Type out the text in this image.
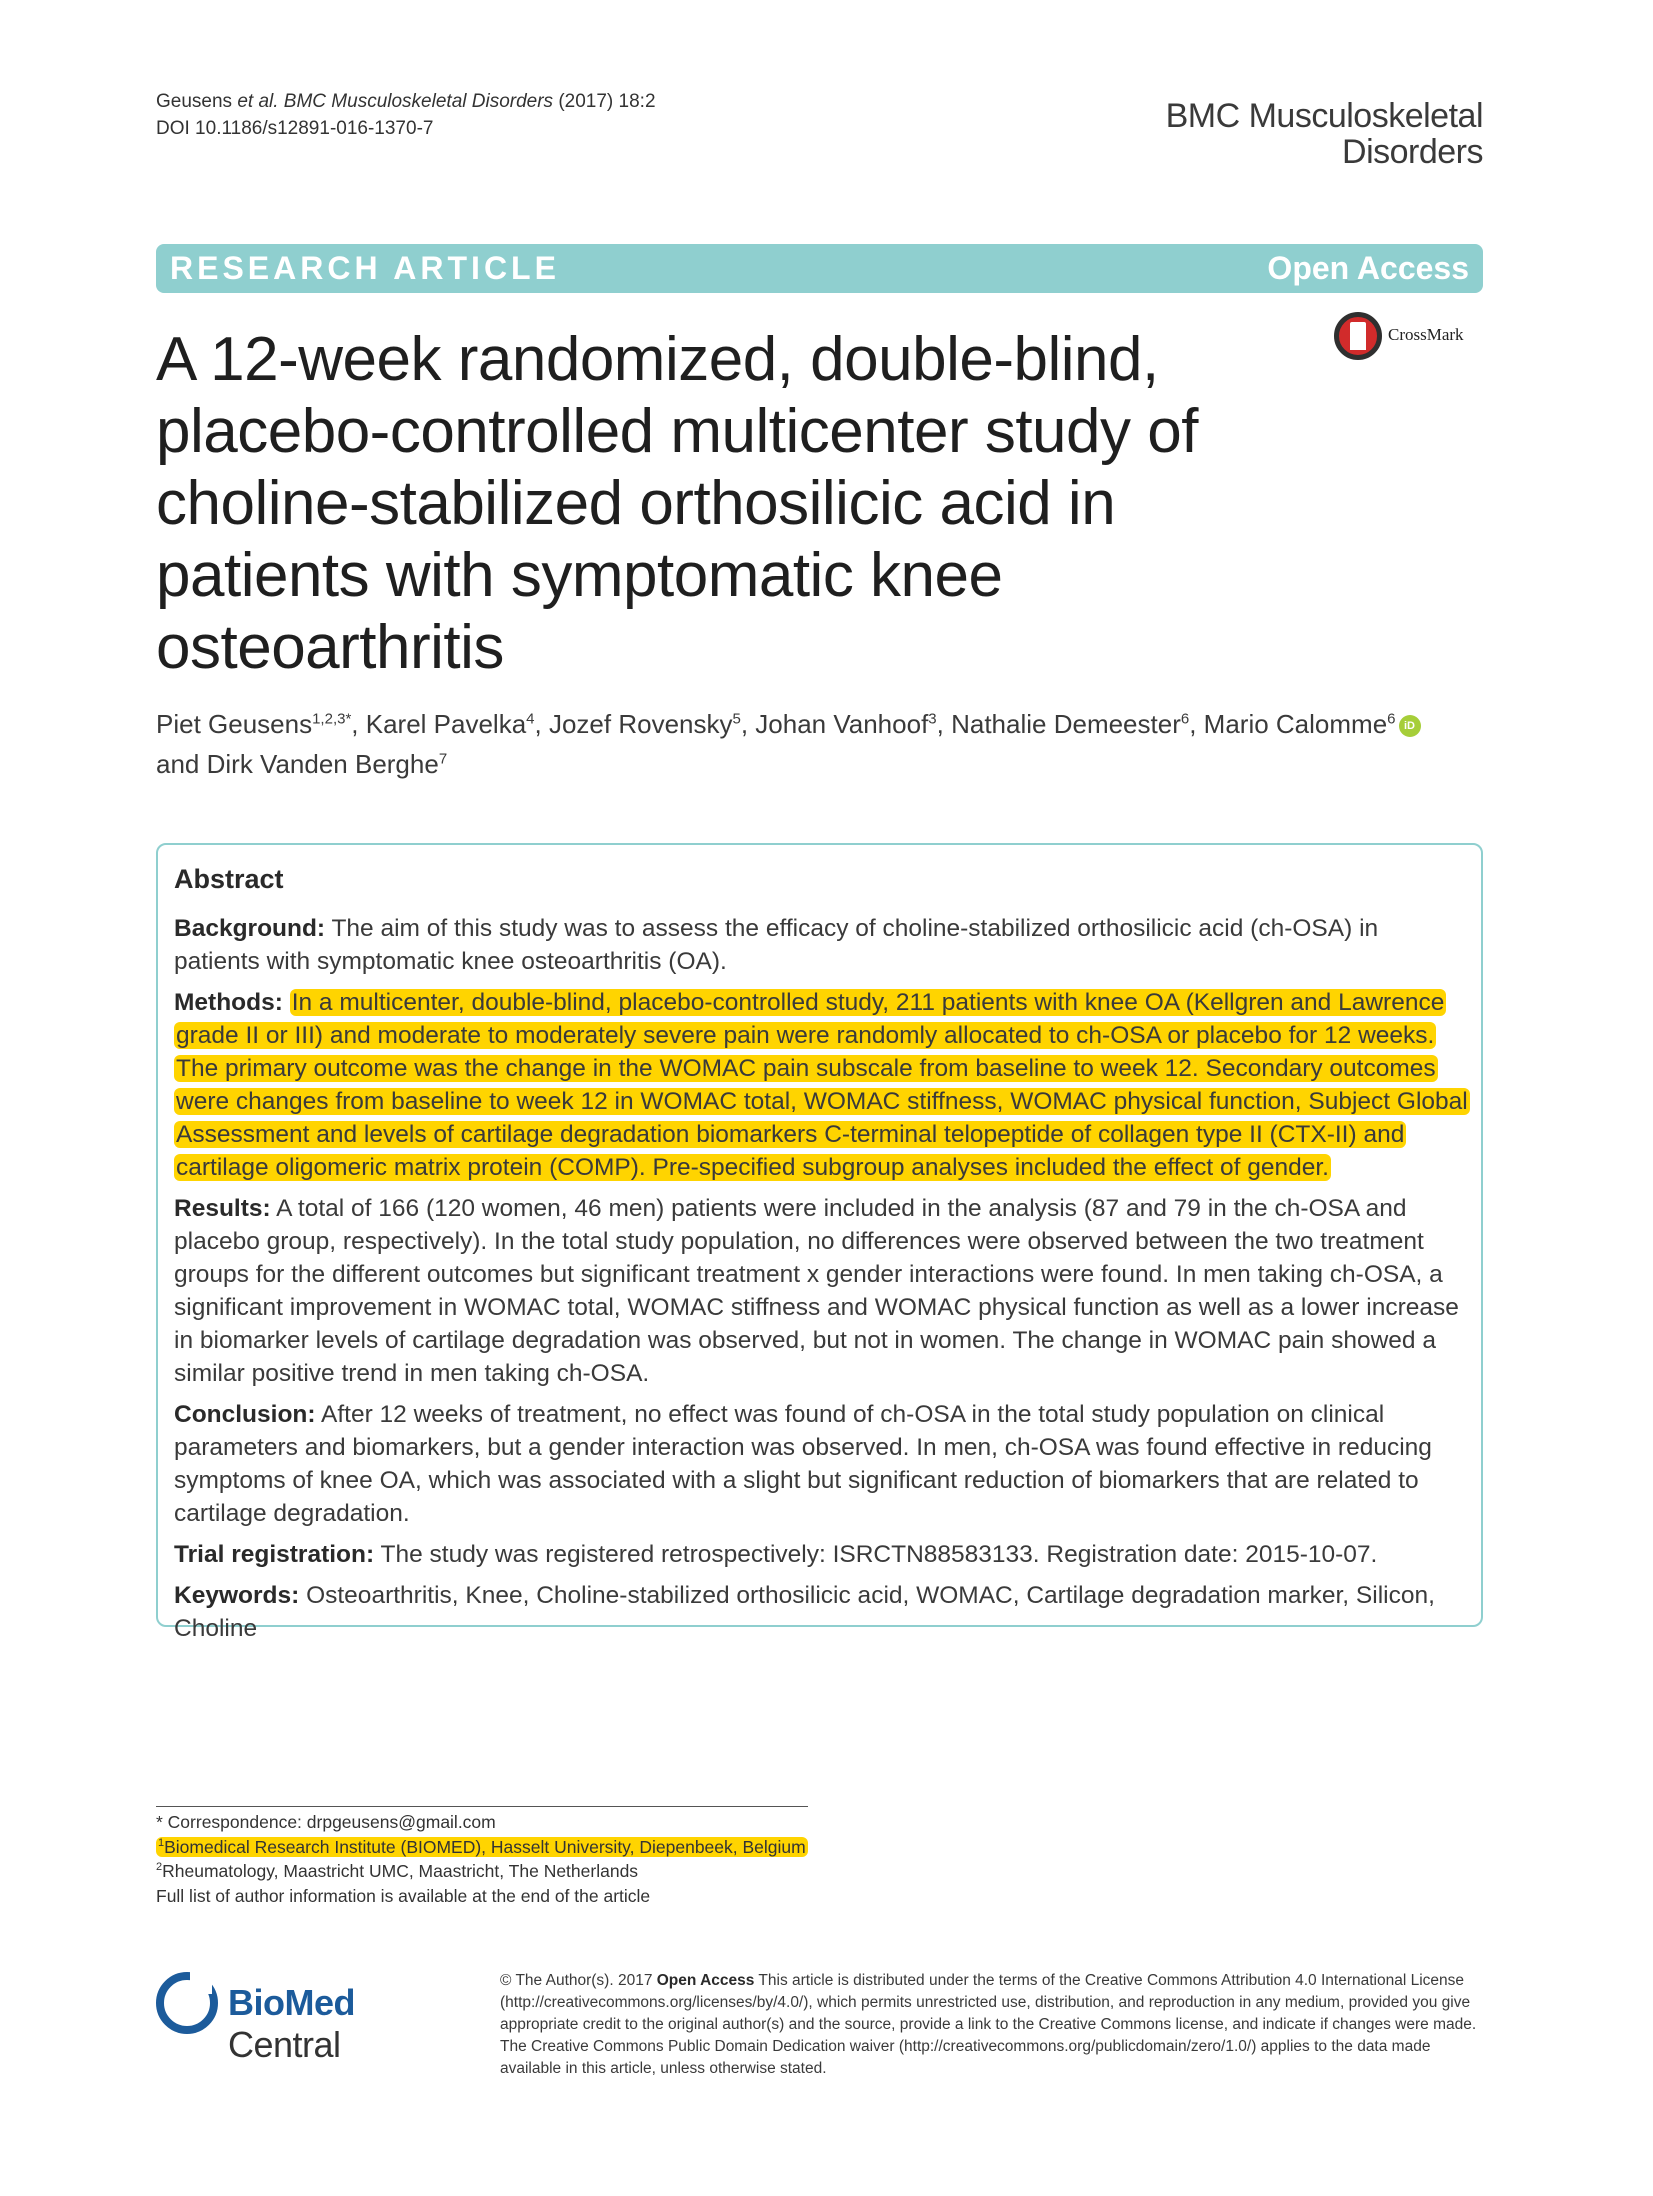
Geusens et al. BMC Musculoskeletal Disorders (2017) 18:2
DOI 10.1186/s12891-016-1370-7	BMC Musculoskeletal
Disorders
RESEARCH ARTICLE	Open Access
CrossMark
A 12-week randomized, double-blind, placebo-controlled multicenter study of choline-stabilized orthosilicic acid in patients with symptomatic knee osteoarthritis
Piet Geusens$^{1,2,3*}$, Karel Pavelka$^4$, Jozef Rovensky$^5$, Johan Vanhoof$^3$, Nathalie Demeester$^6$, Mario Calomme$^6$ iD
and Dirk Vanden Berghe$^7$
Abstract

Background: The aim of this study was to assess the efficacy of choline-stabilized orthosilicic acid (ch-OSA) in patients with symptomatic knee osteoarthritis (OA).

Methods: In a multicenter, double-blind, placebo-controlled study, 211 patients with knee OA (Kellgren and Lawrence grade II or III) and moderate to moderately severe pain were randomly allocated to ch-OSA or placebo for 12 weeks. The primary outcome was the change in the WOMAC pain subscale from baseline to week 12. Secondary outcomes were changes from baseline to week 12 in WOMAC total, WOMAC stiffness, WOMAC physical function, Subject Global Assessment and levels of cartilage degradation biomarkers C-terminal telopeptide of collagen type II (CTX-II) and cartilage oligomeric matrix protein (COMP). Pre-specified subgroup analyses included the effect of gender.

Results: A total of 166 (120 women, 46 men) patients were included in the analysis (87 and 79 in the ch-OSA and placebo group, respectively). In the total study population, no differences were observed between the two treatment groups for the different outcomes but significant treatment x gender interactions were found. In men taking ch-OSA, a significant improvement in WOMAC total, WOMAC stiffness and WOMAC physical function as well as a lower increase in biomarker levels of cartilage degradation was observed, but not in women. The change in WOMAC pain showed a similar positive trend in men taking ch-OSA.

Conclusion: After 12 weeks of treatment, no effect was found of ch-OSA in the total study population on clinical parameters and biomarkers, but a gender interaction was observed. In men, ch-OSA was found effective in reducing symptoms of knee OA, which was associated with a slight but significant reduction of biomarkers that are related to cartilage degradation.

Trial registration: The study was registered retrospectively: ISRCTN88583133. Registration date: 2015-10-07.

Keywords: Osteoarthritis, Knee, Choline-stabilized orthosilicic acid, WOMAC, Cartilage degradation marker, Silicon, Choline

* Correspondence: drpgeusens@gmail.com
$^1$Biomedical Research Institute (BIOMED), Hasselt University, Diepenbeek, Belgium
$^2$Rheumatology, Maastricht UMC, Maastricht, The Netherlands
Full list of author information is available at the end of the article
BioMed Central
© The Author(s). 2017 Open Access This article is distributed under the terms of the Creative Commons Attribution 4.0 International License (http://creativecommons.org/licenses/by/4.0/), which permits unrestricted use, distribution, and reproduction in any medium, provided you give appropriate credit to the original author(s) and the source, provide a link to the Creative Commons license, and indicate if changes were made. The Creative Commons Public Domain Dedication waiver (http://creativecommons.org/publicdomain/zero/1.0/) applies to the data made available in this article, unless otherwise stated.
